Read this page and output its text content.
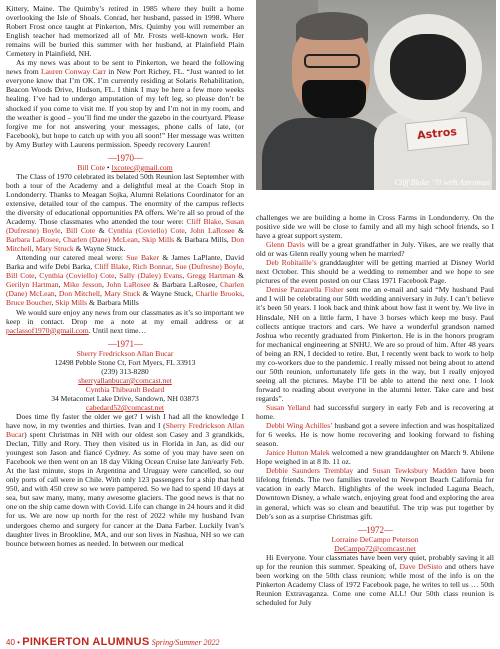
Kittery, Maine. The Quimby’s retired in 1985 where they built a home overlooking the Isle of Shoals. Conrad, her husband, passed in 1998. Where Robert Frost once taught at Pinkerton, Mrs. Quimby you will remember an English teacher had memorized all of Mr. Frosts well-known work. Her remains will be buried this summer with her husband, at Plainfield Plain Cemetery in Plainfield, NH.

As my news was about to be sent to Pinkerton, we heard the following news from Lauren Conway Carr in New Port Richey, FL. “Just wanted to let everyone know that I’m OK. I’m currently residing at Solaris Rehabilitation, Beacon Woods Drive, Hudson, FL. I think I may be here a few more weeks healing. I’ve had to undergo amputation of my left leg, so please don’t be shocked if you come to visit me. If you stop by and I’m not in my room, and the weather is good – you’ll find me under the gazebo in the courtyard. Please forgive me for not answering your messages, phone calls of late, (or Facebook), but hope to catch up with you all soon!” Her message was written by Amy Burley with Laurens permission. Speedy recovery Lauren!

—1970—

Bill Cote • lxcotec@gmail.com

The Class of 1970 celebrated its belated 50th Reunion last September with both a tour of the Academy and a delightful meal at the Coach Stop in Londonderry. Thanks to Meagan Sojka, Alumni Relations Coordinator for an extensive, detailed tour of the campus. The enormity of the campus reflects the diversity of educational opportunities PA offers. We’re all so proud of the Academy. Those classmates who attended the tour were: Cliff Blake, Susan (Dufresne) Boyle, Bill Cote & Cynthia (Coviello) Cote, John LaRosee & Barbara LaRosee, Charlen (Dane) McLean, Skip Mills & Barbara Mills, Don Mitchell, Mary Struck & Wayne Stuck.

Attending our catered meal were: Sue Baker & James LaPlante, David Barka and wife Debi Barka, Cliff Blake, Rich Bonnar, Sue (Dufresne) Boyle, Bill Cote, Cynthia (Coviello) Cote, Sally (Daley) Evans, Gregg Hartman & Gerilyn Hartman, Mike Jesson, John LaRosee & Barbara LaRosee, Charlen (Dane) McLean, Don Mitchell, Mary Stuck & Wayne Stuck, Charlie Brooks, Bruce Boucher, Skip Mills & Barbara Mills

We would sure enjoy any news from our classmates as it’s so important we keep in contact. Drop me a note at my email address or at paclassof1970@gmail.com. Until next time…

—1971—

Sherry Fredrickson Allan Bucar

12498 Pebble Stone Ct, Fort Myers, FL 33913

(239) 313-8280

sherryallanbucar@comcast.net

Cynthia Thibeault Bedard

34 Metacomet Lake Drive, Sandown, NH 03873

cabedard52@comcast.net

Does time fly faster the older we get? I wish I had all the knowledge I have now, in my twenties and thirties. Ivan and I (Sherry Fredrickson Allan Bucar) spent Christmas in NH with our oldest son Casey and 3 grandkids, Declan, Tilly and Rory. They then visited us in Florida in Jan, as did our youngest son Jason and fiancé Cydney. As some of you may have seen on Facebook we then went on an 18 day Viking Ocean Cruise late Jan/early Feb. At the last minute, stops in Argentina and Uruguay were cancelled, so our only ports of call were in Chile. With only 123 passengers for a ship that held 950, and with 450 crew so we were pampered. So we had to spend 10 days at sea, but saw many, many, many awesome glaciers. The good news is that no one on the ship came down with Covid. Life can change in 24 hours and it did for us. We are now up north for the rest of 2022 while my husband Ivan undergoes chemo and surgery for cancer at the Dana Farber. Luckily Ivan’s daughter lives in Brookline, MA, and our son lives in Nashua, NH so we can bounce between homes as needed. In between our medical

Astros
Cliff Blake ’70 with Astroman

challenges we are building a home in Cross Farms in Londonderry. On the positive side we will be close to family and all my high school friends, so I have a great support system.

Glenn Davis will be a great grandfather in July. Yikes, are we really that old or was Glenn really young when he married?

Deb Robitaille’s granddaughter will be getting married at Disney World next October. This should be a wedding to remember and we hope to see pictures of the event posted on our Class 1971 Facebook Page.

Denise Panzarella Fisher sent me an e-mail and said “My husband Paul and I will be celebrating our 50th wedding anniversary in July. I can’t believe it’s been 50 years. I look back and think about how fast it went by. We live in Hinsdale, NH on a little farm, I have 3 horses which keep me busy. Paul collects antique tractors and cars. We have a wonderful grandson named Joshua who recently graduated from Pinkerton. He is in the honors program for mechanical engineering at SNHU. We are so proud of him. After 48 years of being an RN, I decided to retire. But, I recently went back to work to help my co-workers due to the pandemic. I really missed not being about to attend our 50th reunion, unfortunately life gets in the way, but I really enjoyed seeing all the pictures. Maybe I’ll be able to attend the next one. I look forward to reading about everyone in the alumni letter. Take care and best regards”.

Susan Yelland had successful surgery in early Feb and is recovering at home.

Debbi Wing Achilles’ husband got a severe infection and was hospitalized for 6 weeks. He is now home recovering and looking forward to fishing season.

Janice Hutton Malek welcomed a new granddaughter on March 9. Abilene Hope weighed in at 8 lb. 11 oz.

Debbie Saunders Tremblay and Susan Tewksbury Madden have been lifelong friends. The two families traveled to Newport Beach California for vacation in early March. Highlights of the week included Laguna Beach, Downtown Disney, a whale watch, enjoying great food and exploring the area in general, which was so clean and beautiful. The trip was put together by Deb’s son as a surprise Christmas gift.

—1972—

Lorraine DeCampo Peterson

DeCampo72@comcast.net

Hi Everyone. Your classmates have been very quiet, probably saving it all up for the reunion this summer. Speaking of, Dave DeSisto and others have been working on the 50th class reunion; while most of the info is on the Pinkerton Academy Class of 1972 Facebook page, he writes to tell us … 50th Reunion Extravaganza. Come one come ALL! Our 50th class reunion is scheduled for July

40 • PINKERTON ALUMNUS Spring/Summer 2022
